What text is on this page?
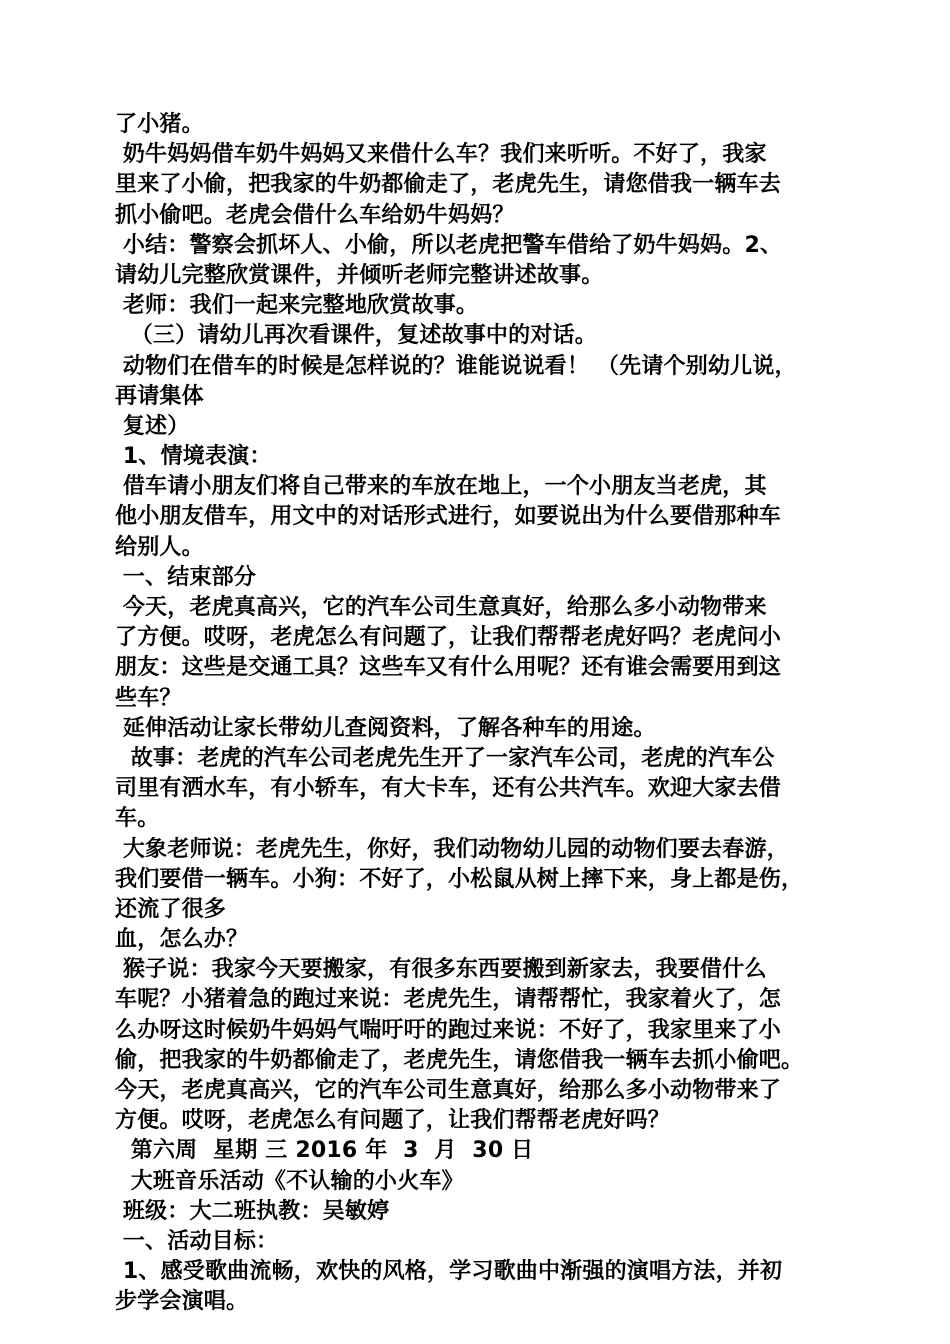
了小猪。
奶牛妈妈借车奶牛妈妈又来借什么车？我们来听听。不好了，我家
里来了小偷，把我家的牛奶都偷走了，老虎先生，请您借我一辆车去
抓小偷吧。老虎会借什么车给奶牛妈妈？
小结：警察会抓坏人、小偷，所以老虎把警车借给了奶牛妈妈。2、
请幼儿完整欣赏课件，并倾听老师完整讲述故事。
老师：我们一起来完整地欣赏故事。
（三）请幼儿再次看课件，复述故事中的对话。
动物们在借车的时候是怎样说的？谁能说说看！ （先请个别幼儿说，
再请集体
复述）
1、情境表演：
借车请小朋友们将自己带来的车放在地上，一个小朋友当老虎，其
他小朋友借车，用文中的对话形式进行，如要说出为什么要借那种车
给别人。
一、结束部分
今天，老虎真高兴，它的汽车公司生意真好，给那么多小动物带来
了方便。哎呀，老虎怎么有问题了，让我们帮帮老虎好吗？老虎问小
朋友：这些是交通工具？这些车又有什么用呢？还有谁会需要用到这
些车？
延伸活动让家长带幼儿查阅资料，了解各种车的用途。
故事：老虎的汽车公司老虎先生开了一家汽车公司，老虎的汽车公
司里有洒水车，有小轿车，有大卡车，还有公共汽车。欢迎大家去借
车。
大象老师说：老虎先生，你好，我们动物幼儿园的动物们要去春游，
我们要借一辆车。小狗：不好了，小松鼠从树上摔下来，身上都是伤，
还流了很多
血，怎么办？
猴子说：我家今天要搬家，有很多东西要搬到新家去，我要借什么
车呢？小猪着急的跑过来说：老虎先生，请帮帮忙，我家着火了，怎
么办呀这时候奶牛妈妈气喘吁吁的跑过来说：不好了，我家里来了小
偷，把我家的牛奶都偷走了，老虎先生，请您借我一辆车去抓小偷吧。
今天，老虎真高兴，它的汽车公司生意真好，给那么多小动物带来了
方便。哎呀，老虎怎么有问题了，让我们帮帮老虎好吗？
第六周  星期 三 2016 年  3  月  30 日
大班音乐活动《不认输的小火车》
班级：大二班执教：吴敏婷
一、活动目标：
1、感受歌曲流畅，欢快的风格，学习歌曲中渐强的演唱方法，并初
步学会演唱。
